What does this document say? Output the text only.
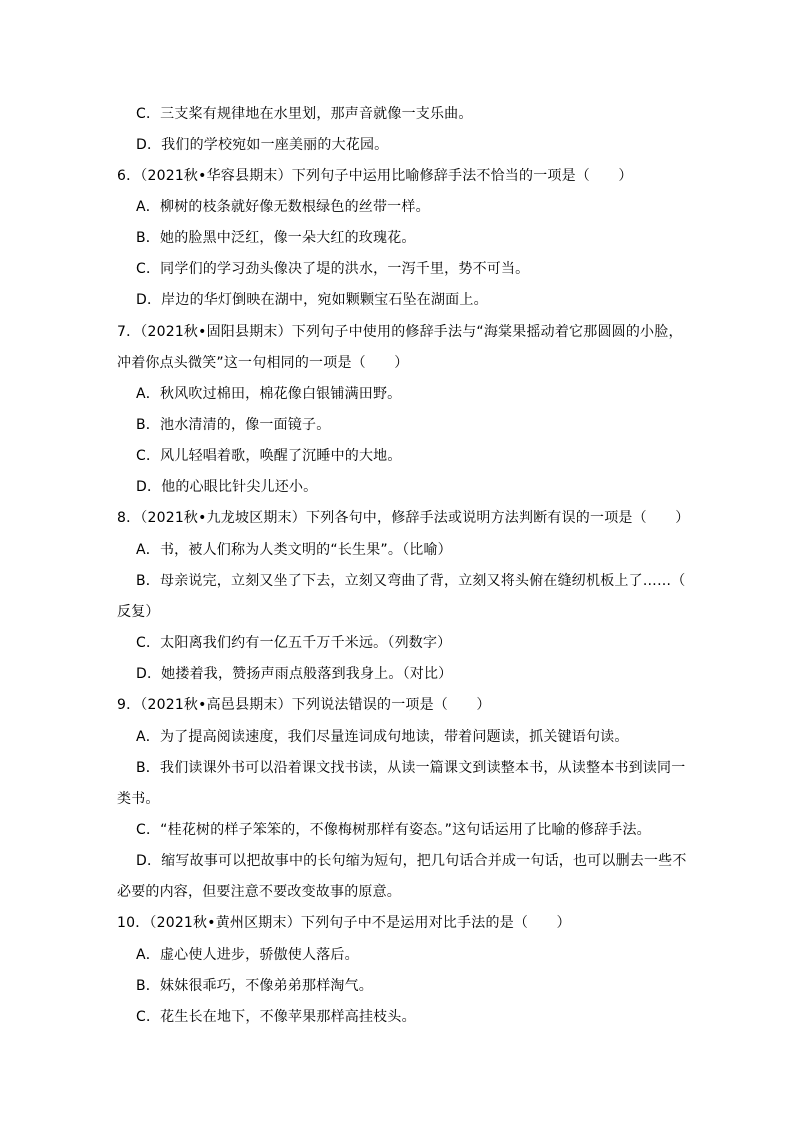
C．三支桨有规律地在水里划，那声音就像一支乐曲。
D．我们的学校宛如一座美丽的大花园。
6．（2021秋•华容县期末）下列句子中运用比喻修辞手法不恰当的一项是（　　）
A．柳树的枝条就好像无数根绿色的丝带一样。
B．她的脸黑中泛红，像一朵大红的玫瑰花。
C．同学们的学习劲头像决了堤的洪水，一泻千里，势不可当。
D．岸边的华灯倒映在湖中，宛如颗颗宝石坠在湖面上。
7．（2021秋•固阳县期末）下列句子中使用的修辞手法与“海棠果摇动着它那圆圆的小脸，
冲着你点头微笑”这一句相同的一项是（　　）
A．秋风吹过棉田，棉花像白银铺满田野。
B．池水清清的，像一面镜子。
C．风儿轻唱着歌，唤醒了沉睡中的大地。
D．他的心眼比针尖儿还小。
8．（2021秋•九龙坡区期末）下列各句中，修辞手法或说明方法判断有误的一项是（　　）
A．书，被人们称为人类文明的“长生果”。（比喻）
B．母亲说完，立刻又坐了下去，立刻又弯曲了背，立刻又将头俯在缝纫机板上了……（
反复）
C．太阳离我们约有一亿五千万千米远。（列数字）
D．她搂着我，赞扬声雨点般落到我身上。（对比）
9．（2021秋•高邑县期末）下列说法错误的一项是（　　）
A．为了提高阅读速度，我们尽量连词成句地读，带着问题读，抓关键语句读。
B．我们读课外书可以沿着课文找书读，从读一篇课文到读整本书，从读整本书到读同一
类书。
C．“桂花树的样子笨笨的，不像梅树那样有姿态。”这句话运用了比喻的修辞手法。
D．缩写故事可以把故事中的长句缩为短句，把几句话合并成一句话，也可以删去一些不
必要的内容，但要注意不要改变故事的原意。
10．（2021秋•黄州区期末）下列句子中不是运用对比手法的是（　　）
A．虚心使人进步，骄傲使人落后。
B．妹妹很乖巧，不像弟弟那样淘气。
C．花生长在地下，不像苹果那样高挂枝头。
